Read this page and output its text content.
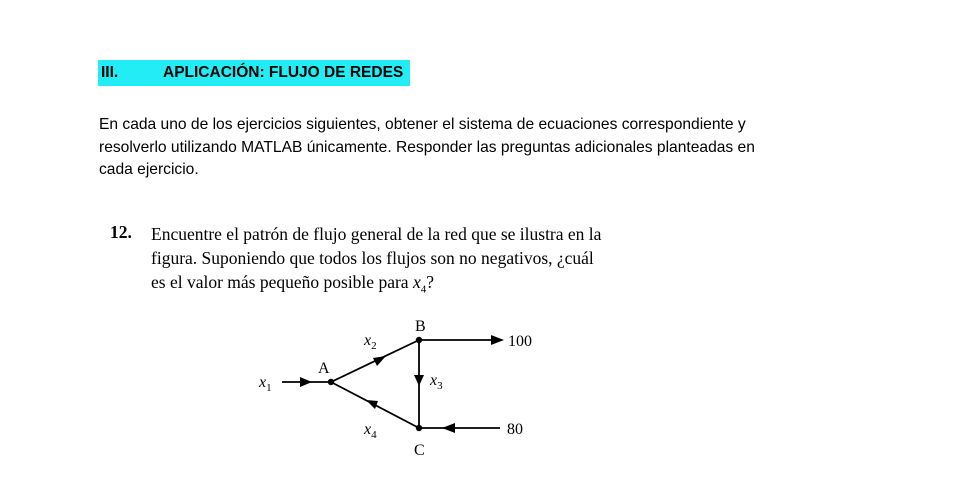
III.	APLICACIÓN: FLUJO DE REDES
En cada uno de los ejercicios siguientes, obtener el sistema de ecuaciones correspondiente y
resolverlo utilizando MATLAB únicamente. Responder las preguntas adicionales planteadas en
cada ejercicio.
12. Encuentre el patrón de flujo general de la red que se ilustra en la
figura. Suponiendo que todos los flujos son no negativos, ¿cuál
es el valor más pequeño posible para $x_4$?
A
B
C
$x_1$
$x_2$
$x_3$
$x_4$
100
80
